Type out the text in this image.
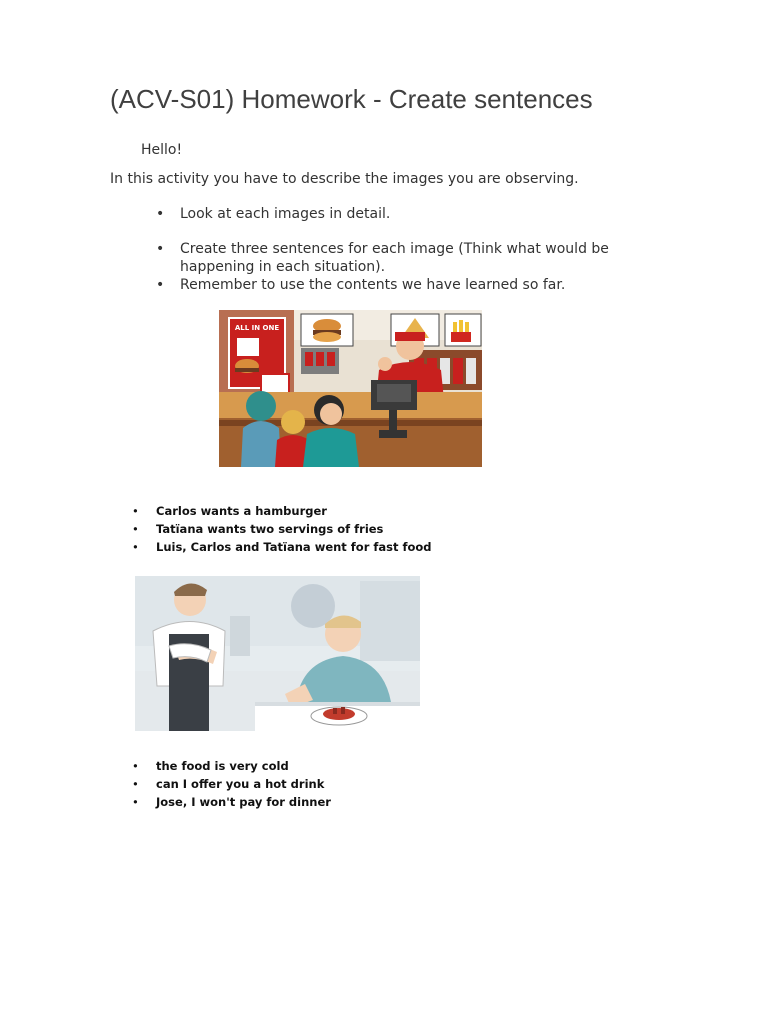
(ACV-S01) Homework - Create sentences
Hello!
In this activity you have to describe the images you are observing.
• Look at each images in detail.
• Create three sentences for each image (Think what would be happening in each situation).
• Remember to use the contents we have learned so far.
ALL IN ONE
• Carlos wants a hamburger
• Tatïana wants two servings of fries
• Luis, Carlos and Tatïana went for fast food
• the food is very cold
• can I offer you a hot drink
• Jose, I won't pay for dinner
